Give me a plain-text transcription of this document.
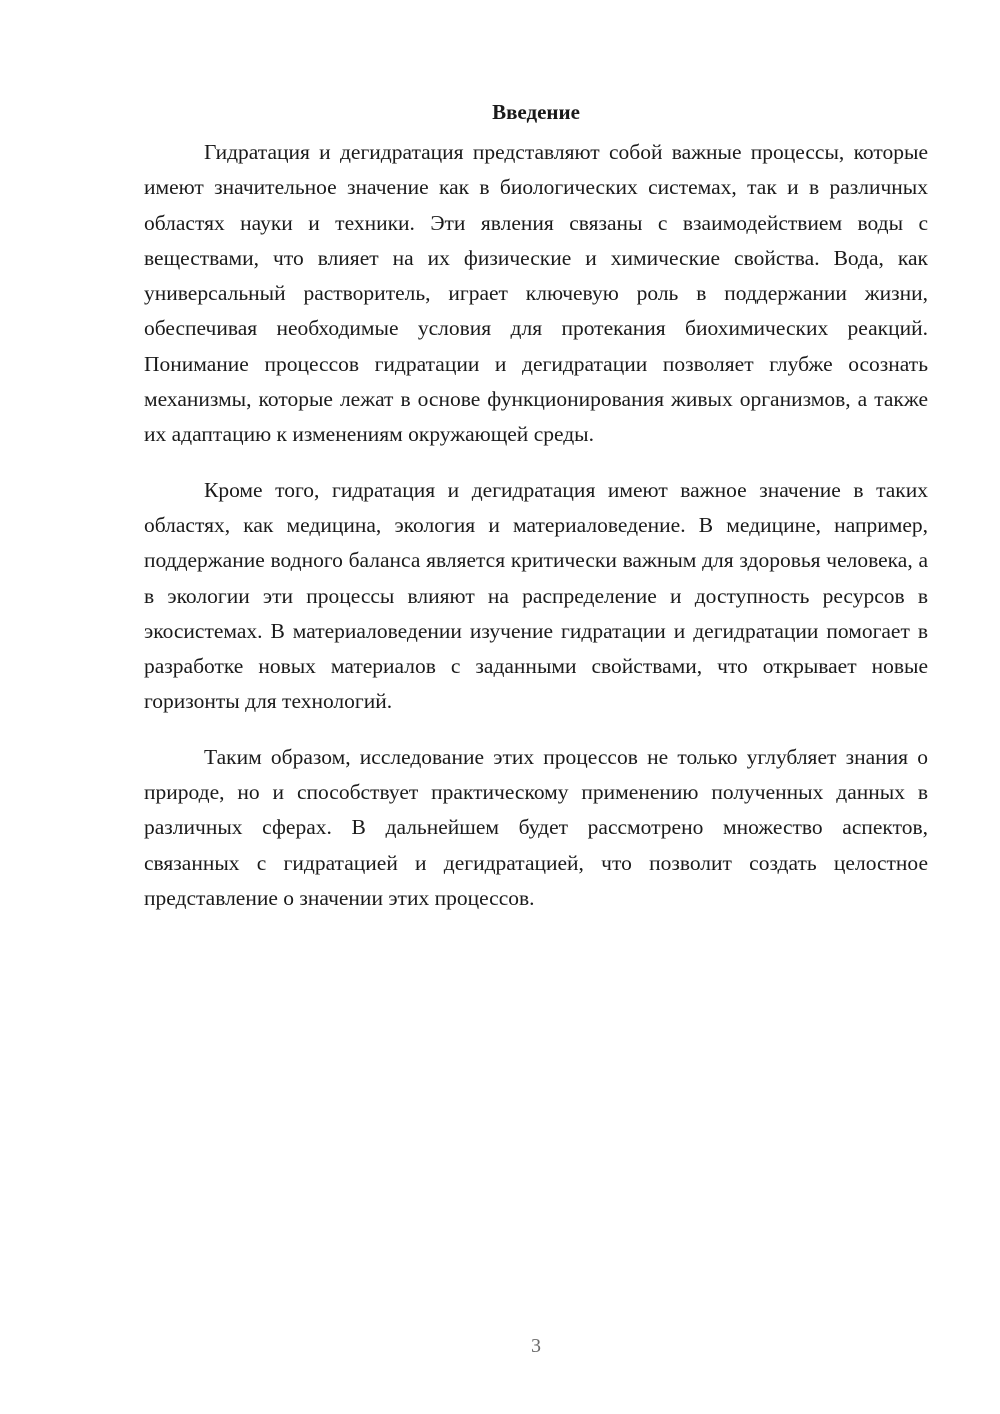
Введение

Гидратация и дегидратация представляют собой важные процессы, которые имеют значительное значение как в биологических системах, так и в различных областях науки и техники. Эти явления связаны с взаимодействием воды с веществами, что влияет на их физические и химические свойства. Вода, как универсальный растворитель, играет ключевую роль в поддержании жизни, обеспечивая необходимые условия для протекания биохимических реакций. Понимание процессов гидратации и дегидратации позволяет глубже осознать механизмы, которые лежат в основе функционирования живых организмов, а также их адаптацию к изменениям окружающей среды.

Кроме того, гидратация и дегидратация имеют важное значение в таких областях, как медицина, экология и материаловедение. В медицине, например, поддержание водного баланса является критически важным для здоровья человека, а в экологии эти процессы влияют на распределение и доступность ресурсов в экосистемах. В материаловедении изучение гидратации и дегидратации помогает в разработке новых материалов с заданными свойствами, что открывает новые горизонты для технологий.

Таким образом, исследование этих процессов не только углубляет знания о природе, но и способствует практическому применению полученных данных в различных сферах. В дальнейшем будет рассмотрено множество аспектов, связанных с гидратацией и дегидратацией, что позволит создать целостное представление о значении этих процессов.

3
